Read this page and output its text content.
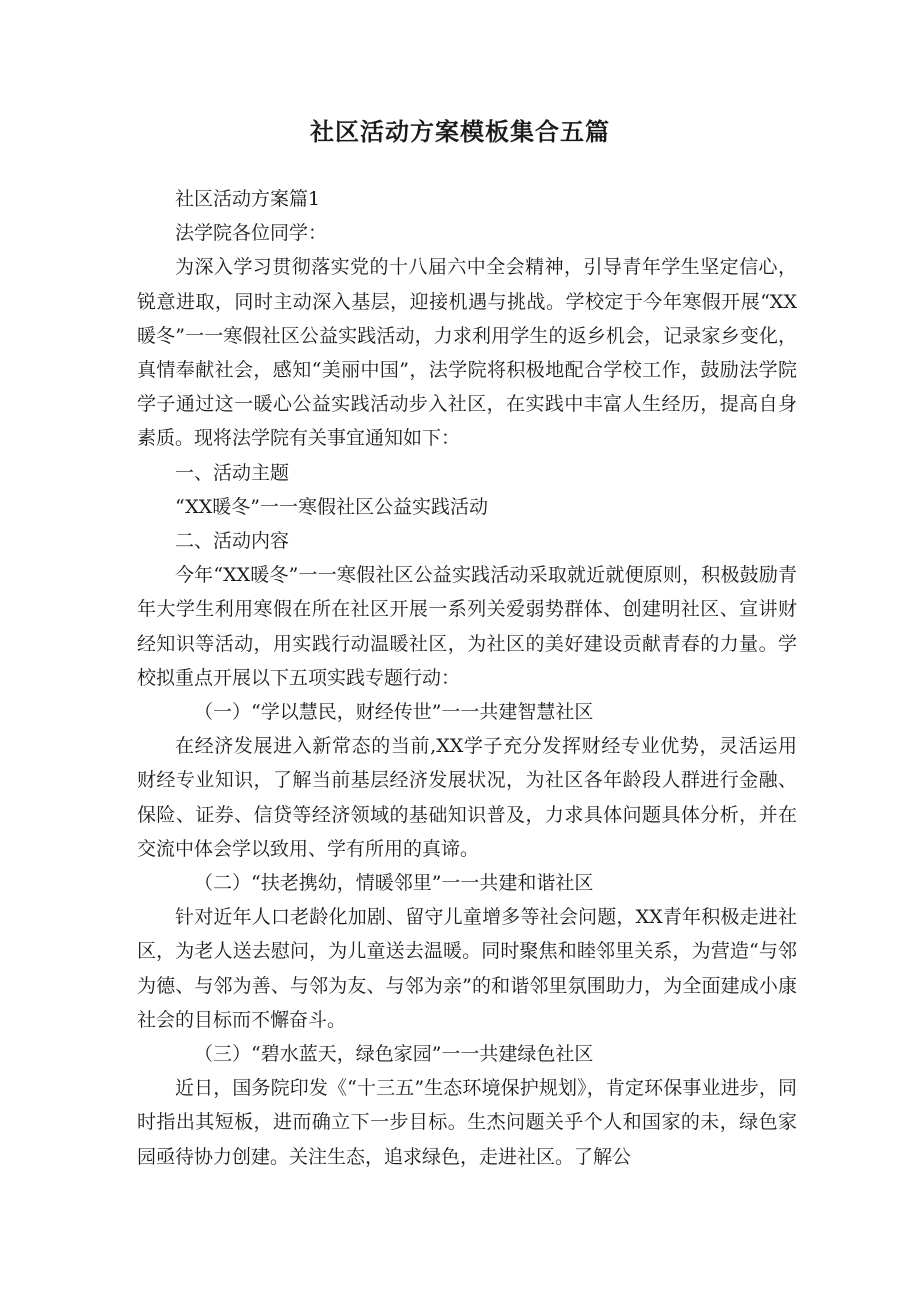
社区活动方案模板集合五篇

社区活动方案篇1

法学院各位同学：

为深入学习贯彻落实党的十八届六中全会精神，引导青年学生坚定信心，锐意进取，同时主动深入基层，迎接机遇与挑战。学校定于今年寒假开展“XX暖冬”一一寒假社区公益实践活动，力求利用学生的返乡机会，记录家乡变化，真情奉献社会，感知“美丽中国”，法学院将积极地配合学校工作，鼓励法学院学子通过这一暖心公益实践活动步入社区，在实践中丰富人生经历，提高自身素质。现将法学院有关事宜通知如下：

一、活动主题

“XX暖冬”一一寒假社区公益实践活动

二、活动内容

今年“XX暖冬”一一寒假社区公益实践活动采取就近就便原则，积极鼓励青年大学生利用寒假在所在社区开展一系列关爱弱势群体、创建明社区、宣讲财经知识等活动，用实践行动温暖社区，为社区的美好建设贡献青春的力量。学校拟重点开展以下五项实践专题行动：

（一）“学以慧民，财经传世”一一共建智慧社区

在经济发展进入新常态的当前,XX学子充分发挥财经专业优势，灵活运用财经专业知识，了解当前基层经济发展状况，为社区各年龄段人群进行金融、保险、证券、信贷等经济领域的基础知识普及，力求具体问题具体分析，并在交流中体会学以致用、学有所用的真谛。

（二）“扶老携幼，情暖邻里”一一共建和谐社区

针对近年人口老龄化加剧、留守儿童增多等社会问题，XX青年积极走进社区，为老人送去慰问，为儿童送去温暖。同时聚焦和睦邻里关系，为营造“与邻为德、与邻为善、与邻为友、与邻为亲”的和谐邻里氛围助力，为全面建成小康社会的目标而不懈奋斗。

（三）“碧水蓝天，绿色家园”一一共建绿色社区

近日，国务院印发《“十三五”生态环境保护规划》，肯定环保事业进步，同时指出其短板，进而确立下一步目标。生杰问题关乎个人和国家的未，绿色家园亟待协力创建。关注生态，追求绿色，走进社区。了解公
